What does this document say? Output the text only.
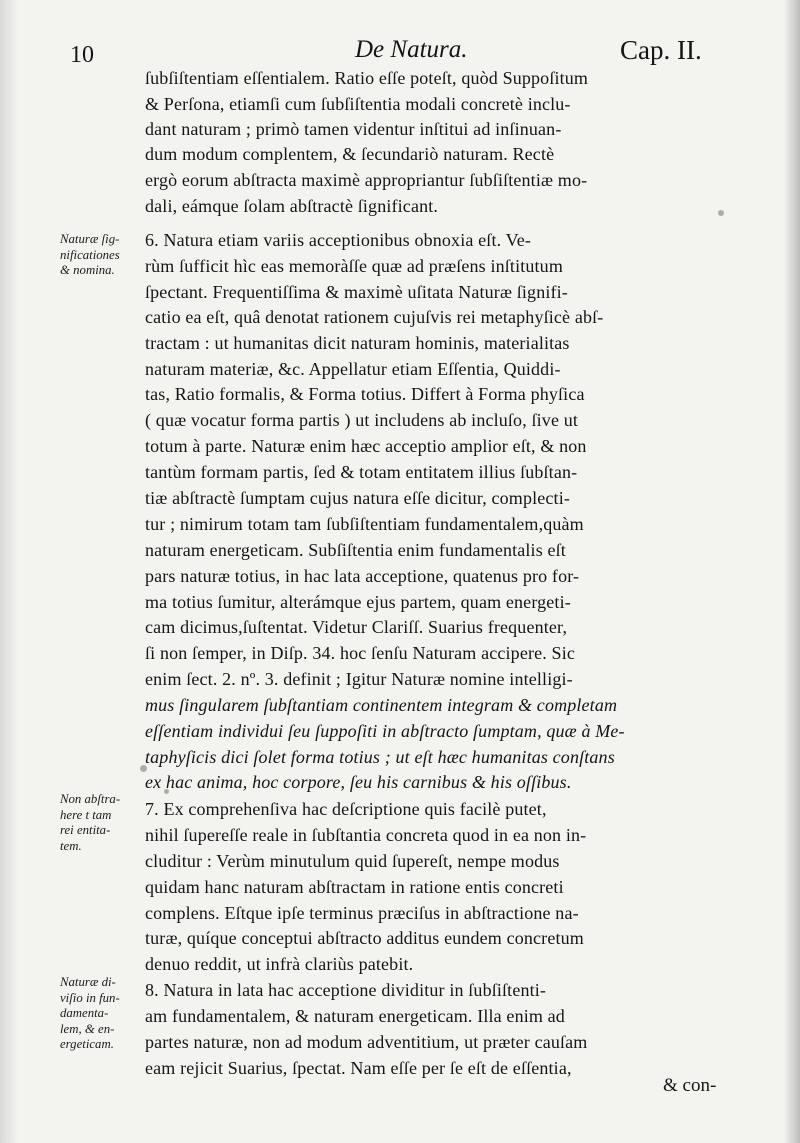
10	De Natura.	Cap. II.
ſubſiſtentiam eſſentialem. Ratio eſſe poteſt, quòd Suppoſitum
& Perſona, etiamſi cum ſubſiſtentia modali concretè inclu-
dant naturam ; primò tamen videntur inſtitui ad inſinuan-
dum modum complentem, & ſecundariò naturam. Rectè
ergò eorum abſtracta maximè appropriantur ſubſiſtentiæ mo-
dali, eámque ſolam abſtractè ſignificant.
6. Natura etiam variis acceptionibus obnoxia eſt. Ve-
rùm ſufficit hìc eas memoràſſe quæ ad præſens inſtitutum
ſpectant. Frequentiſſima & maximè uſitata Naturæ ſignifi-
catio ea eſt, quâ denotat rationem cujuſvis rei metaphyſicè abſ-
tractam : ut humanitas dicit naturam hominis, materialitas
naturam materiæ, &c. Appellatur etiam Eſſentia, Quiddi-
tas, Ratio formalis, & Forma totius. Differt à Forma phyſica
( quæ vocatur forma partis ) ut includens ab incluſo, ſive ut
totum à parte. Naturæ enim hæc acceptio amplior eſt, & non
tantùm formam partis, ſed & totam entitatem illius ſubſtan-
tiæ abſtractè ſumptam cujus natura eſſe dicitur, complecti-
tur ; nimirum totam tam ſubſiſtentiam fundamentalem,quàm
naturam energeticam. Subſiſtentia enim fundamentalis eſt
pars naturæ totius, in hac lata acceptione, quatenus pro for-
ma totius ſumitur, alterámque ejus partem, quam energeti-
cam dicimus,ſuſtentat. Videtur Clariſſ. Suarius frequenter,
ſi non ſemper, in Diſp. 34. hoc ſenſu Naturam accipere. Sic
enim ſect. 2. nº. 3. definit ; Igitur Naturæ nomine intelligi-
mus ſingularem ſubſtantiam continentem integram & completam
eſſentiam individui ſeu ſuppoſiti in abſtracto ſumptam, quæ à Me-
taphyſicis dici ſolet forma totius ; ut eſt hæc humanitas conſtans
ex hac anima, hoc corpore, ſeu his carnibus & his oſſibus.
7. Ex comprehenſiva hac deſcriptione quis facilè putet,
nihil ſupereſſe reale in ſubſtantia concreta quod in ea non in-
cluditur : Verùm minutulum quid ſupereſt, nempe modus
quidam hanc naturam abſtractam in ratione entis concreti
complens. Eſtque ipſe terminus præciſus in abſtractione na-
turæ, quíque conceptui abſtracto additus eundem concretum
denuo reddit, ut infrà clariùs patebit.
8. Natura in lata hac acceptione dividitur in ſubſiſtenti-
am fundamentalem, & naturam energeticam. Illa enim ad
partes naturæ, non ad modum adventitium, ut præter cauſam
eam rejicit Suarius, ſpectat. Nam eſſe per ſe eſt de eſſentia,
& con-
Naturæ ſig-
nificationes
& nomina.
Non abſtra-
here t tam
rei entita-
tem.
Naturæ di-
viſio in fun-
damenta-
lem, & en-
ergeticam.
